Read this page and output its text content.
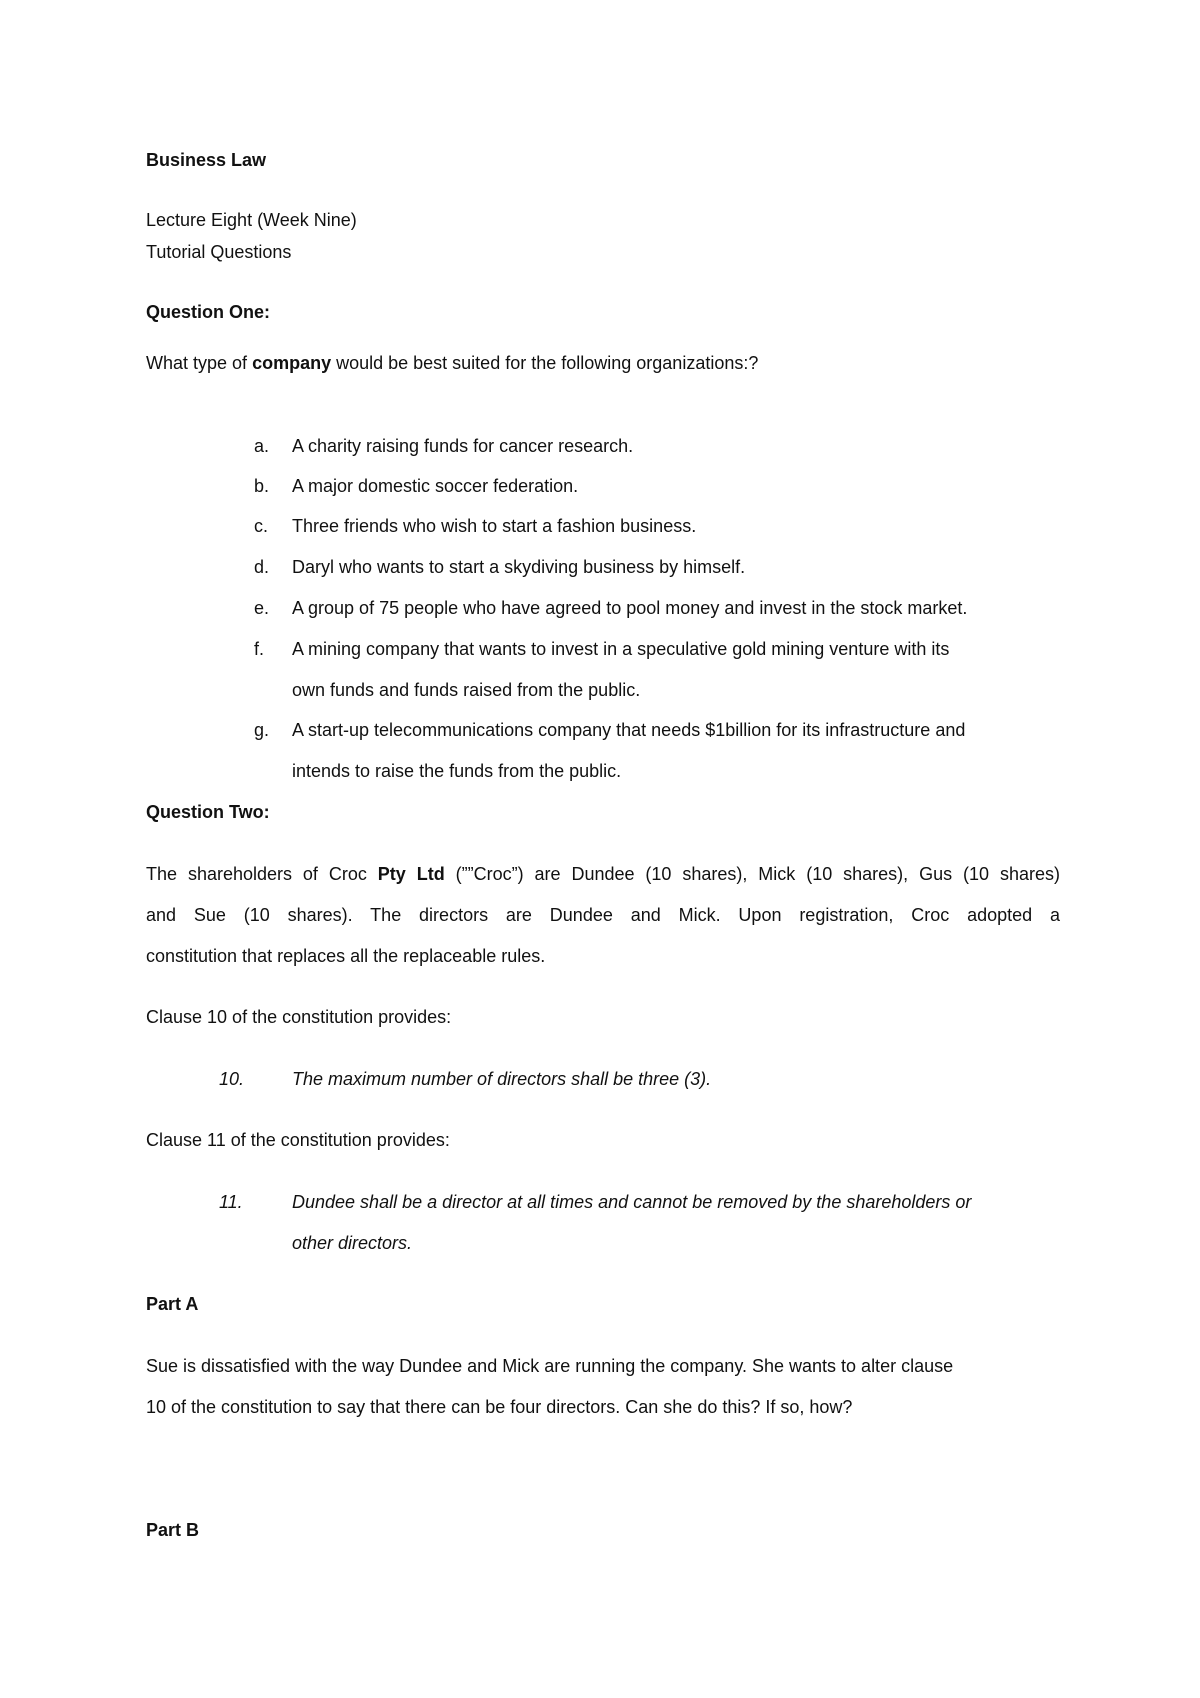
Business Law
Lecture Eight (Week Nine)
Tutorial Questions
Question One:
What type of company would be best suited for the following organizations:?
a. A charity raising funds for cancer research.
b. A major domestic soccer federation.
c. Three friends who wish to start a fashion business.
d. Daryl who wants to start a skydiving business by himself.
e. A group of 75 people who have agreed to pool money and invest in the stock market.
f. A mining company that wants to invest in a speculative gold mining venture with its
own funds and funds raised from the public.
g. A start-up telecommunications company that needs $1billion for its infrastructure and
intends to raise the funds from the public.
Question Two:
The shareholders of Croc Pty Ltd (””Croc”) are Dundee (10 shares), Mick (10 shares), Gus (10 shares)
and Sue (10 shares). The directors are Dundee and Mick. Upon registration, Croc adopted a
constitution that replaces all the replaceable rules.
Clause 10 of the constitution provides:
10.	The maximum number of directors shall be three (3).
Clause 11 of the constitution provides:
11.	Dundee shall be a director at all times and cannot be removed by the shareholders or
other directors.
Part A
Sue is dissatisfied with the way Dundee and Mick are running the company. She wants to alter clause
10 of the constitution to say that there can be four directors. Can she do this? If so, how?
Part B
